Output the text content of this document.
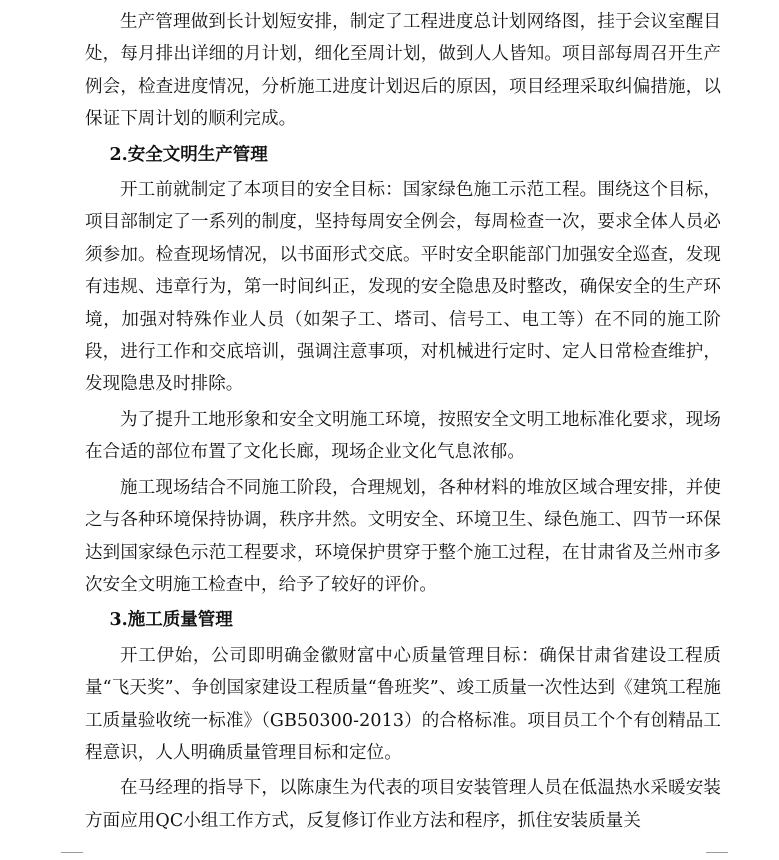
生产管理做到长计划短安排，制定了工程进度总计划网络图，挂于会议室醒目处，每月排出详细的月计划，细化至周计划，做到人人皆知。项目部每周召开生产例会，检查进度情况，分析施工进度计划迟后的原因，项目经理采取纠偏措施，以保证下周计划的顺利完成。

2.安全文明生产管理

开工前就制定了本项目的安全目标：国家绿色施工示范工程。围绕这个目标，项目部制定了一系列的制度，坚持每周安全例会，每周检查一次，要求全体人员必须参加。检查现场情况，以书面形式交底。平时安全职能部门加强安全巡查，发现有违规、违章行为，第一时间纠正，发现的安全隐患及时整改，确保安全的生产环境，加强对特殊作业人员（如架子工、塔司、信号工、电工等）在不同的施工阶段，进行工作和交底培训，强调注意事项，对机械进行定时、定人日常检查维护，发现隐患及时排除。

为了提升工地形象和安全文明施工环境，按照安全文明工地标准化要求，现场在合适的部位布置了文化长廊，现场企业文化气息浓郁。

施工现场结合不同施工阶段，合理规划，各种材料的堆放区域合理安排，并使之与各种环境保持协调，秩序井然。文明安全、环境卫生、绿色施工、四节一环保达到国家绿色示范工程要求，环境保护贯穿于整个施工过程，在甘肃省及兰州市多次安全文明施工检查中，给予了较好的评价。

3.施工质量管理

开工伊始，公司即明确金徽财富中心质量管理目标：确保甘肃省建设工程质量“飞天奖”、争创国家建设工程质量“鲁班奖”、竣工质量一次性达到《建筑工程施工质量验收统一标准》（GB50300-2013）的合格标准。项目员工个个有创精品工程意识，人人明确质量管理目标和定位。

在马经理的指导下，以陈康生为代表的项目安装管理人员在低温热水采暖安装方面应用QC小组工作方式，反复修订作业方法和程序，抓住安装质量关
